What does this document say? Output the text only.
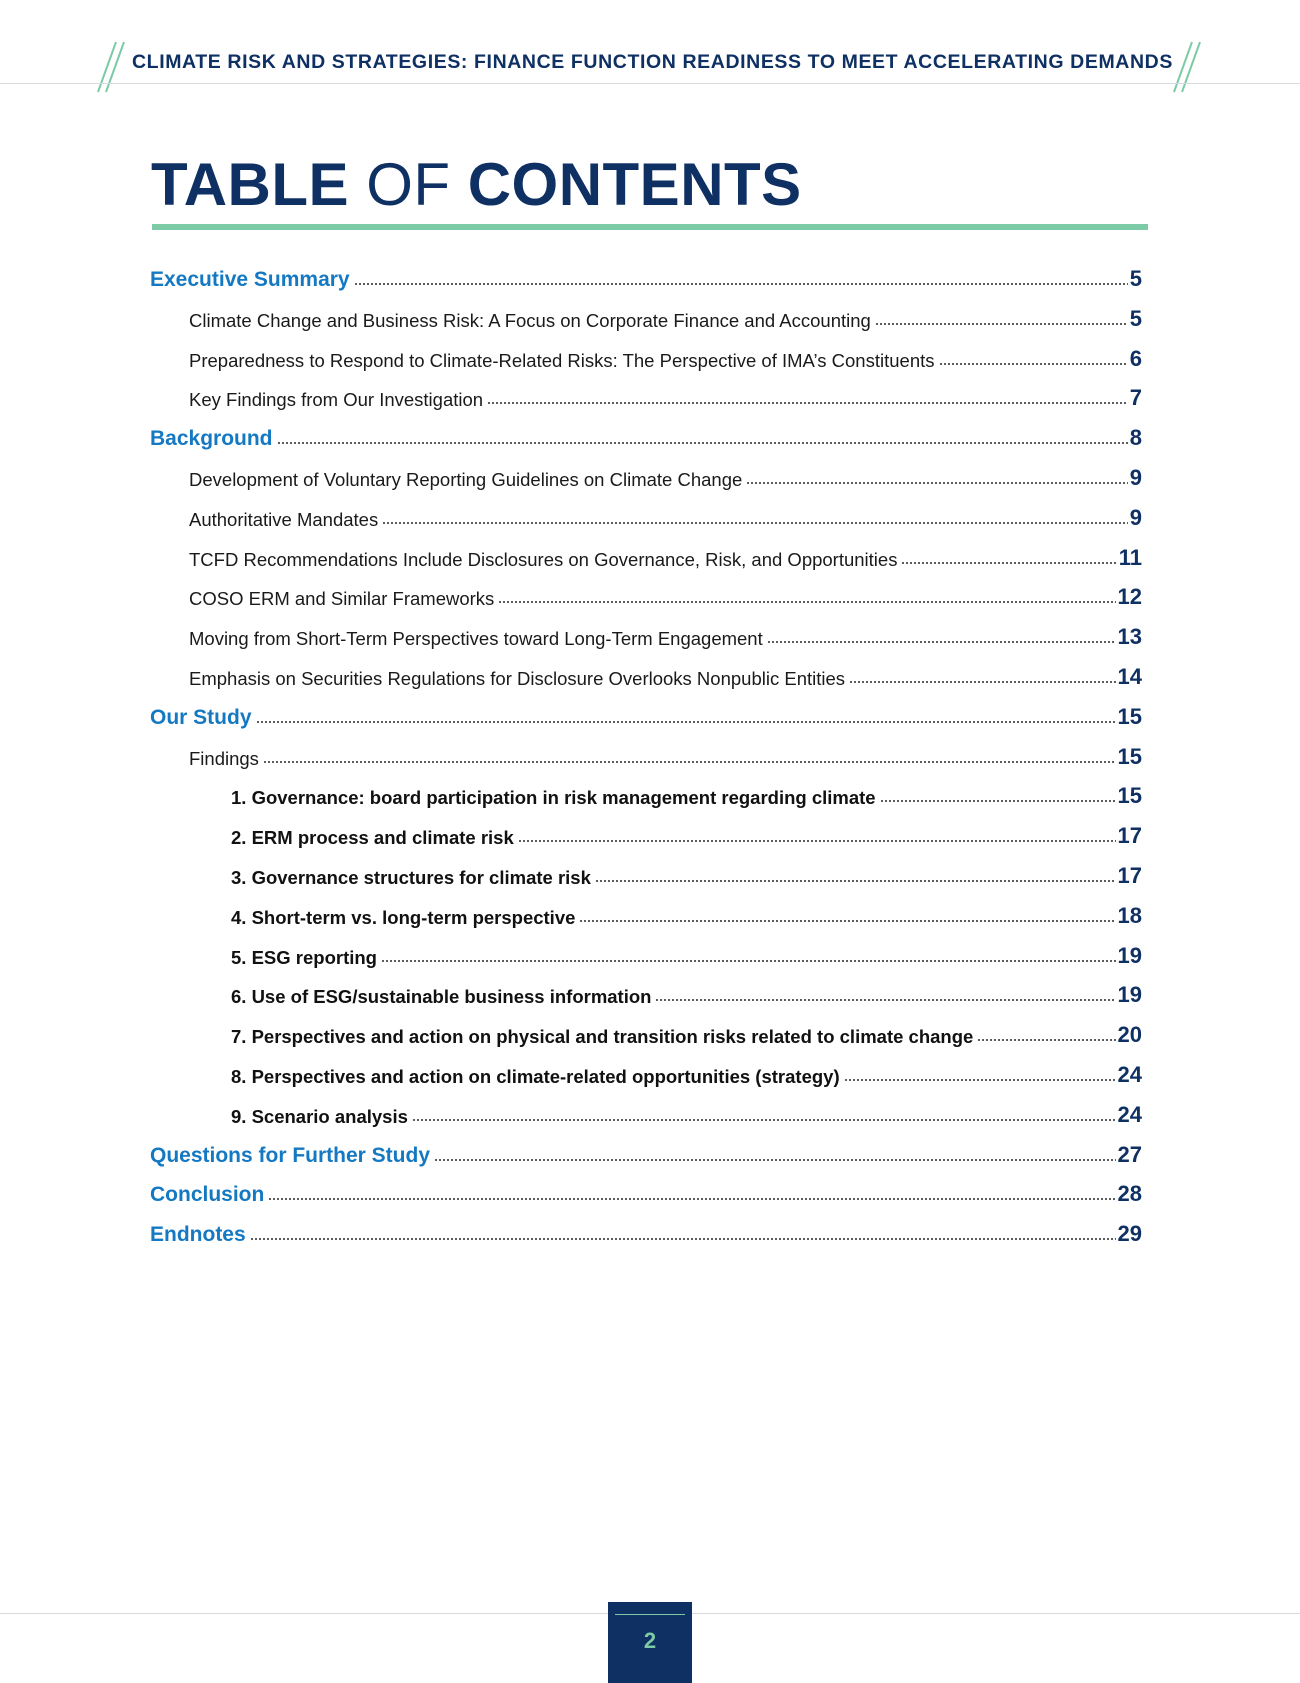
CLIMATE RISK AND STRATEGIES: FINANCE FUNCTION READINESS TO MEET ACCELERATING DEMANDS
TABLE OF CONTENTS
Executive Summary	5
Climate Change and Business Risk: A Focus on Corporate Finance and Accounting	5
Preparedness to Respond to Climate-Related Risks: The Perspective of IMA’s Constituents	6
Key Findings from Our Investigation	7
Background	8
Development of Voluntary Reporting Guidelines on Climate Change	9
Authoritative Mandates	9
TCFD Recommendations Include Disclosures on Governance, Risk, and Opportunities	11
COSO ERM and Similar Frameworks	12
Moving from Short-Term Perspectives toward Long-Term Engagement	13
Emphasis on Securities Regulations for Disclosure Overlooks Nonpublic Entities	14
Our Study	15
Findings	15
1. Governance: board participation in risk management regarding climate	15
2. ERM process and climate risk	17
3. Governance structures for climate risk	17
4. Short-term vs. long-term perspective	18
5. ESG reporting	19
6. Use of ESG/sustainable business information	19
7. Perspectives and action on physical and transition risks related to climate change	20
8. Perspectives and action on climate-related opportunities (strategy)	24
9. Scenario analysis	24
Questions for Further Study	27
Conclusion	28
Endnotes	29
2
